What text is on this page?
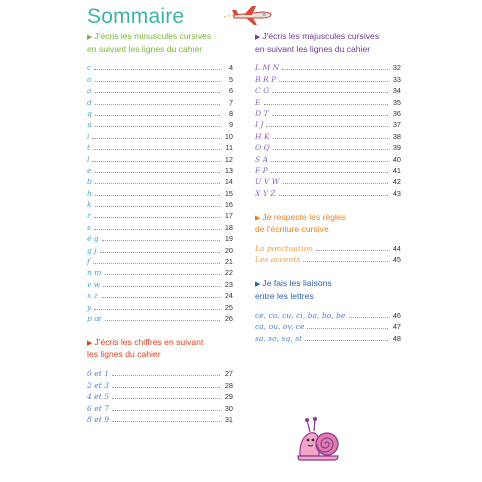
Sommaire
▶ J'écris les minuscules cursives
en suivant les lignes du cahier
c	4
o	5
a	6
d	7
q	8
u	9
i	10
t	11
l	12
e	13
b	14
h	15
k	16
r	17
s	18
é g	19
g j	20
f	21
n m	22
v w	23
x z	24
y	25
p œ	26
▶ J'écris les chiffres en suivant
les lignes du cahier
0 et 1	27
2 et 3	28
4 et 5	29
6 et 7	30
8 et 9	31
▶ J'écris les majuscules cursives
en suivant les lignes du cahier
L M N	32
B R P	33
C G	34
E	35
D T	36
I J	37
H K	38
O Q	39
S A	40
F P	41
U V W	42
X Y Z	43
▶ Je respecte les règles
de l'écriture cursive
La ponctuation	44
Les accents	45
▶ Je fais les liaisons
entre les lettres
ce, ca, cu, ci, ba, bo, be	46
ca, ou, ov, ce	47
sa, so, sq, st	48
